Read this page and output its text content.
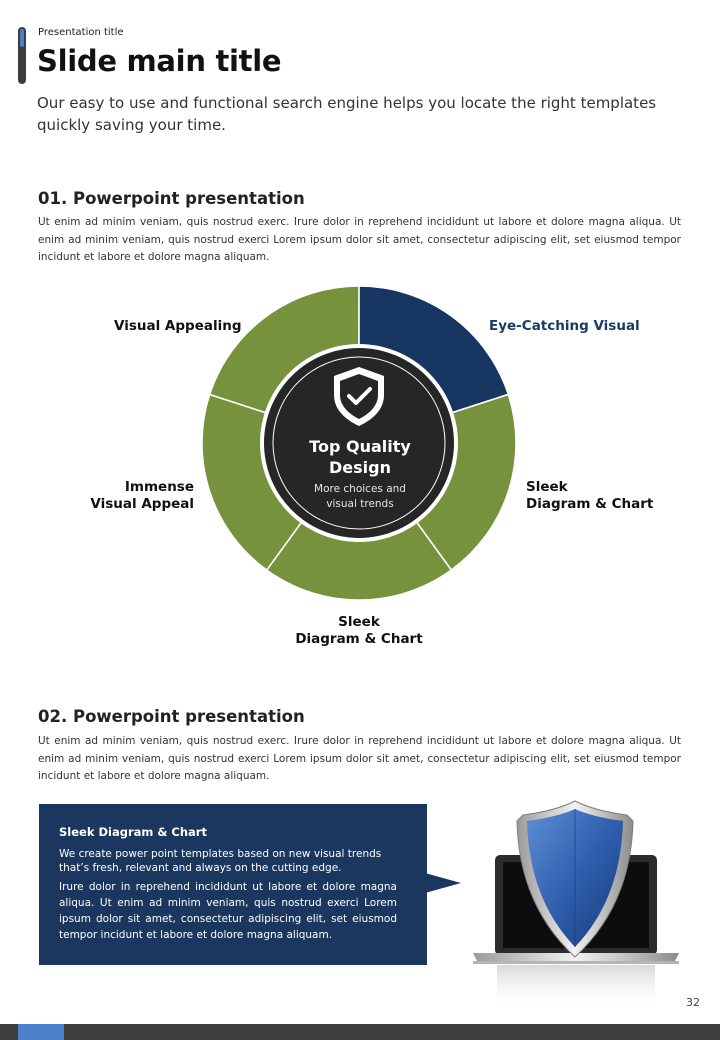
Presentation title
Slide main title
Our easy to use and functional search engine helps you locate the right templates quickly saving your time.
01. Powerpoint presentation
Ut enim ad minim veniam, quis nostrud exerc. Irure dolor in reprehend incididunt ut labore et dolore magna aliqua. Ut enim ad minim veniam, quis nostrud exerci Lorem ipsum dolor sit amet, consectetur adipiscing elit, set eiusmod tempor incidunt et labore et dolore magna aliquam.
Top Quality
Design
More choices and
visual trends
Eye-Catching Visual
Visual Appealing
Sleek
Diagram & Chart
Immense
Visual Appeal
Sleek
Diagram & Chart
02. Powerpoint presentation
Ut enim ad minim veniam, quis nostrud exerc. Irure dolor in reprehend incididunt ut labore et dolore magna aliqua. Ut enim ad minim veniam, quis nostrud exerci Lorem ipsum dolor sit amet, consectetur adipiscing elit, set eiusmod tempor incidunt et labore et dolore magna aliquam.
Sleek Diagram & Chart
We create power point templates based on new visual trends
that’s fresh, relevant and always on the cutting edge.
Irure dolor in reprehend incididunt ut labore et dolore magna aliqua. Ut enim ad minim veniam, quis nostrud exerci Lorem ipsum dolor sit amet, consectetur adipiscing elit, set eiusmod tempor incidunt et labore et dolore magna aliquam.
32
